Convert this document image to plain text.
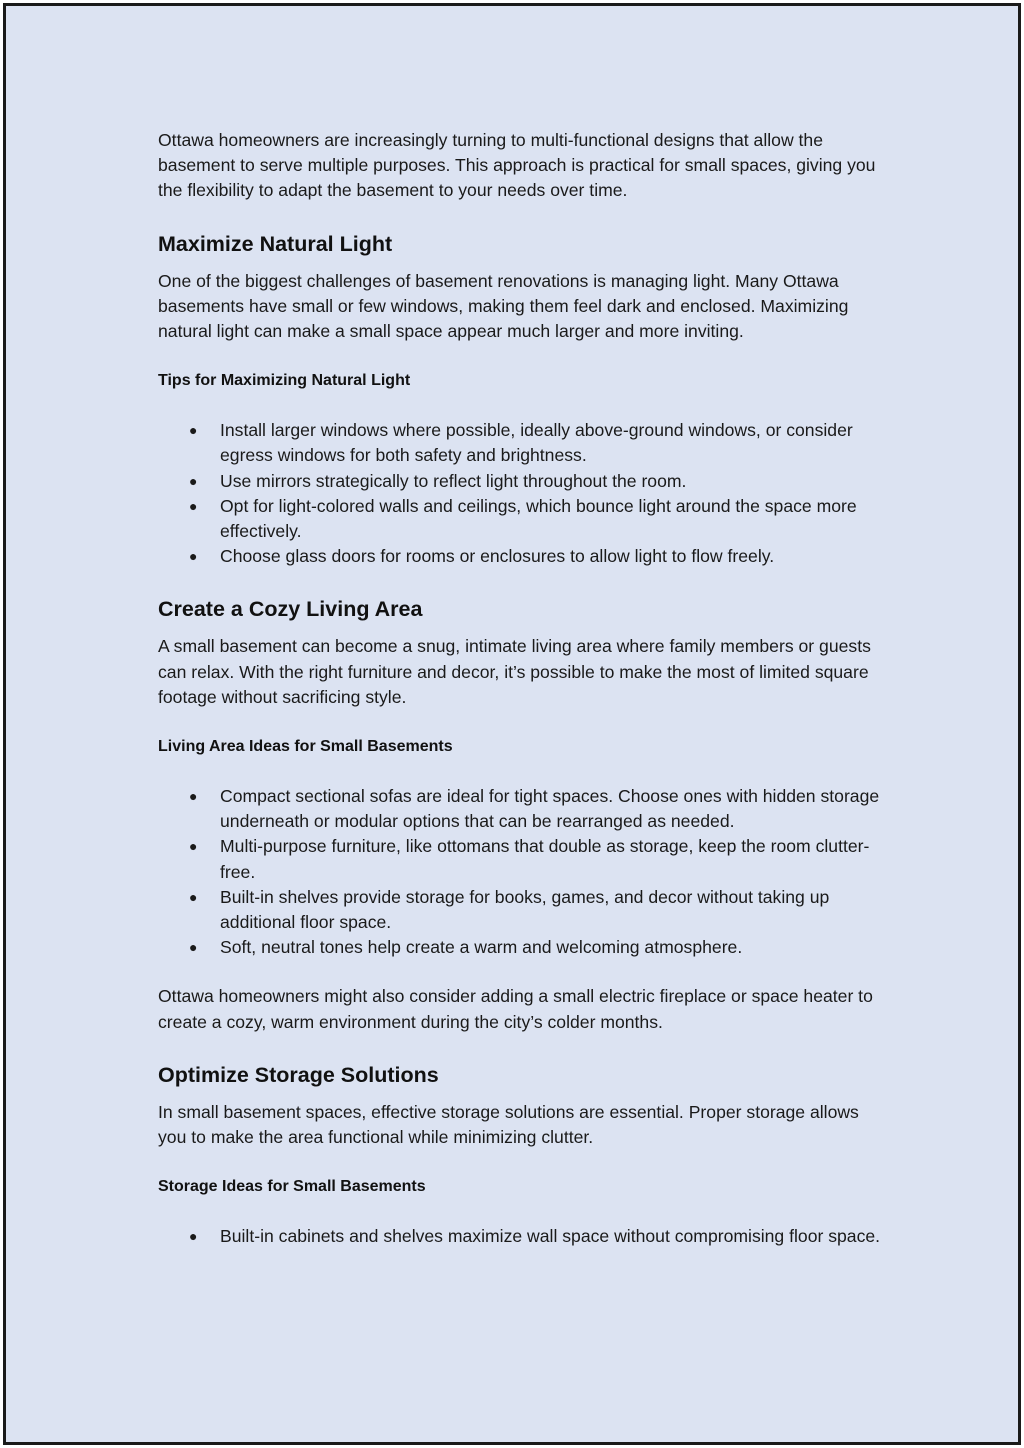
Ottawa homeowners are increasingly turning to multi-functional designs that allow the basement to serve multiple purposes. This approach is practical for small spaces, giving you the flexibility to adapt the basement to your needs over time.

Maximize Natural Light

One of the biggest challenges of basement renovations is managing light. Many Ottawa basements have small or few windows, making them feel dark and enclosed. Maximizing natural light can make a small space appear much larger and more inviting.

Tips for Maximizing Natural Light
● Install larger windows where possible, ideally above-ground windows, or consider egress windows for both safety and brightness.
● Use mirrors strategically to reflect light throughout the room.
● Opt for light-colored walls and ceilings, which bounce light around the space more effectively.
● Choose glass doors for rooms or enclosures to allow light to flow freely.
Create a Cozy Living Area

A small basement can become a snug, intimate living area where family members or guests can relax. With the right furniture and decor, it’s possible to make the most of limited square footage without sacrificing style.

Living Area Ideas for Small Basements
● Compact sectional sofas are ideal for tight spaces. Choose ones with hidden storage underneath or modular options that can be rearranged as needed.
● Multi-purpose furniture, like ottomans that double as storage, keep the room clutter-free.
● Built-in shelves provide storage for books, games, and decor without taking up additional floor space.
● Soft, neutral tones help create a warm and welcoming atmosphere.

Ottawa homeowners might also consider adding a small electric fireplace or space heater to create a cozy, warm environment during the city’s colder months.

Optimize Storage Solutions

In small basement spaces, effective storage solutions are essential. Proper storage allows you to make the area functional while minimizing clutter.

Storage Ideas for Small Basements
● Built-in cabinets and shelves maximize wall space without compromising floor space.
